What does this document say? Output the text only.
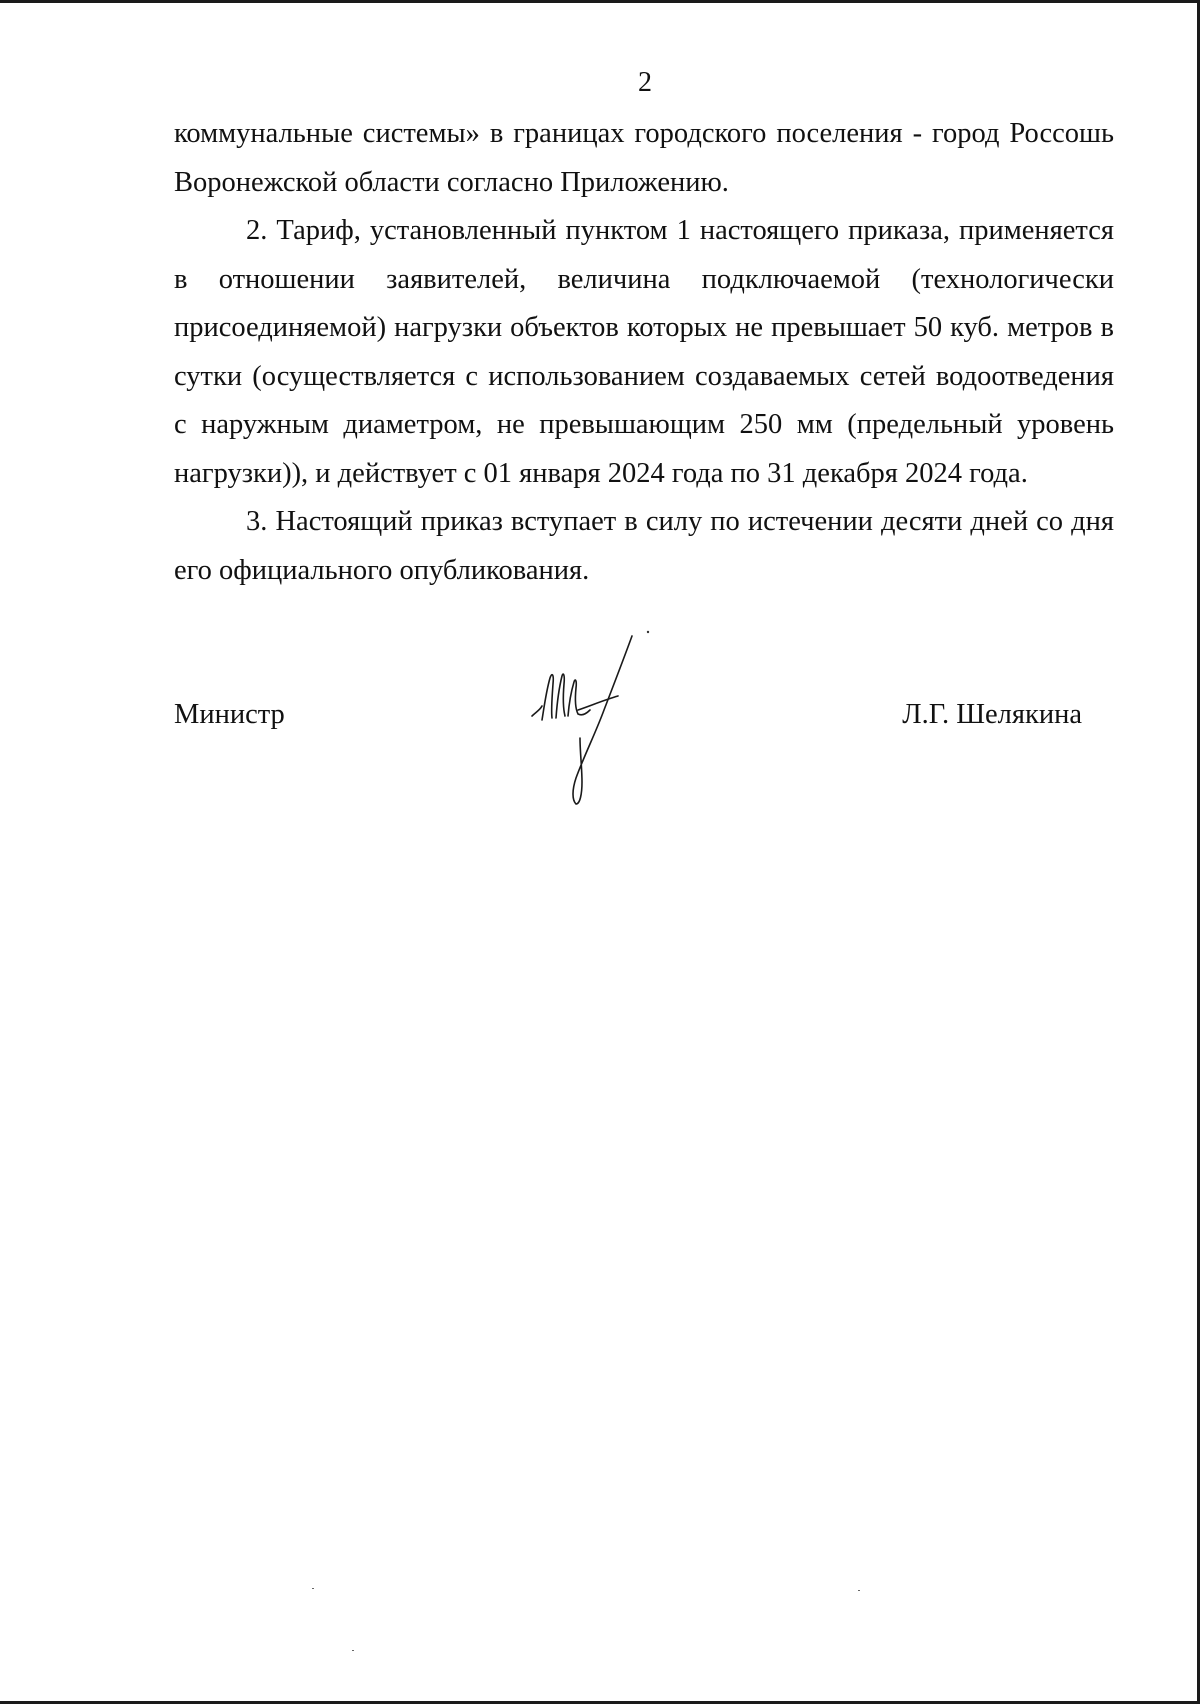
2

коммунальные системы» в границах городского поселения - город Россошь Воронежской области согласно Приложению.

2. Тариф, установленный пунктом 1 настоящего приказа, применяется в отношении заявителей, величина подключаемой (технологически присоединяемой) нагрузки объектов которых не превышает 50 куб. метров в сутки (осуществляется с использованием создаваемых сетей водоотведения с наружным диаметром, не превышающим 250 мм (предельный уровень нагрузки)), и действует с 01 января 2024 года по 31 декабря 2024 года.

3. Настоящий приказ вступает в силу по истечении десяти дней со дня его официального опубликования.

Министр	Л.Г. Шелякина
